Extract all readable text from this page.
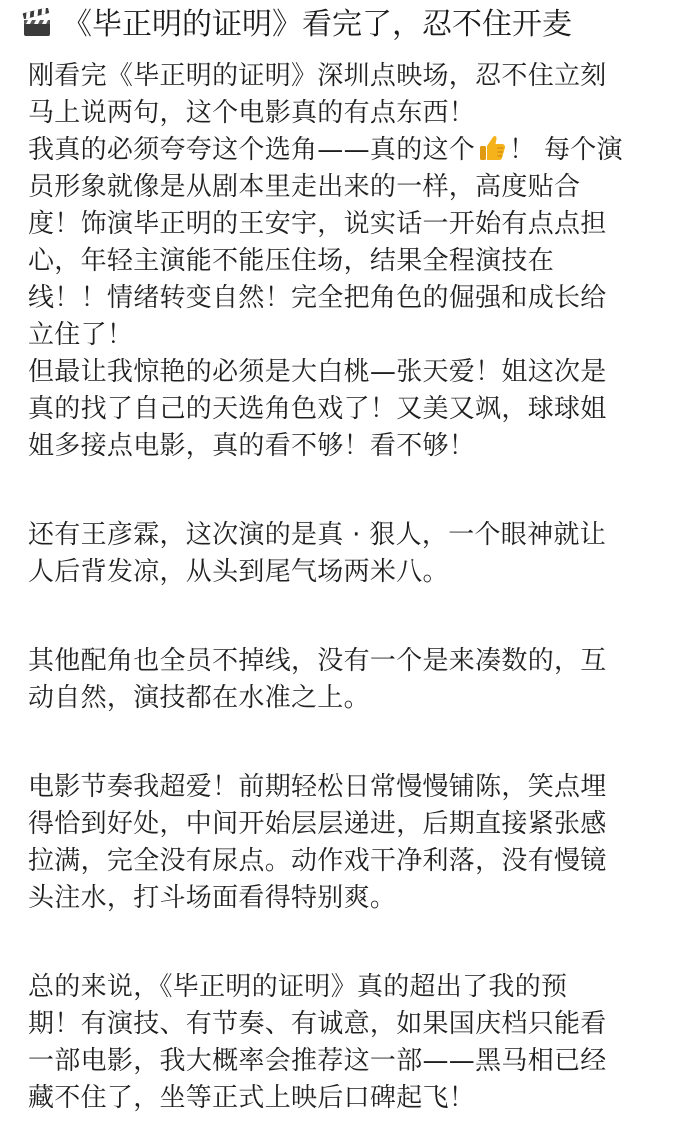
《毕正明的证明》看完了，忍不住开麦
刚看完《毕正明的证明》深圳点映场，忍不住立刻
马上说两句，这个电影真的有点东西！
我真的必须夸夸这个选角——真的这个 ！ 每个演
员形象就像是从剧本里走出来的一样，高度贴合
度！饰演毕正明的王安宇，说实话一开始有点点担
心，年轻主演能不能压住场，结果全程演技在
线！！情绪转变自然！完全把角色的倔强和成长给
立住了！
但最让我惊艳的必须是大白桃—张天爱！姐这次是
真的找了自己的天选角色戏了！又美又飒，球球姐
姐多接点电影，真的看不够！看不够！
还有王彦霖，这次演的是真 · 狠人，一个眼神就让
人后背发凉，从头到尾气场两米八。
其他配角也全员不掉线，没有一个是来凑数的，互
动自然，演技都在水准之上。
电影节奏我超爱！前期轻松日常慢慢铺陈，笑点埋
得恰到好处，中间开始层层递进，后期直接紧张感
拉满，完全没有尿点。动作戏干净利落，没有慢镜
头注水，打斗场面看得特别爽。
总的来说，《毕正明的证明》真的超出了我的预
期！有演技、有节奏、有诚意，如果国庆档只能看
一部电影，我大概率会推荐这一部——黑马相已经
藏不住了，坐等正式上映后口碑起飞！
